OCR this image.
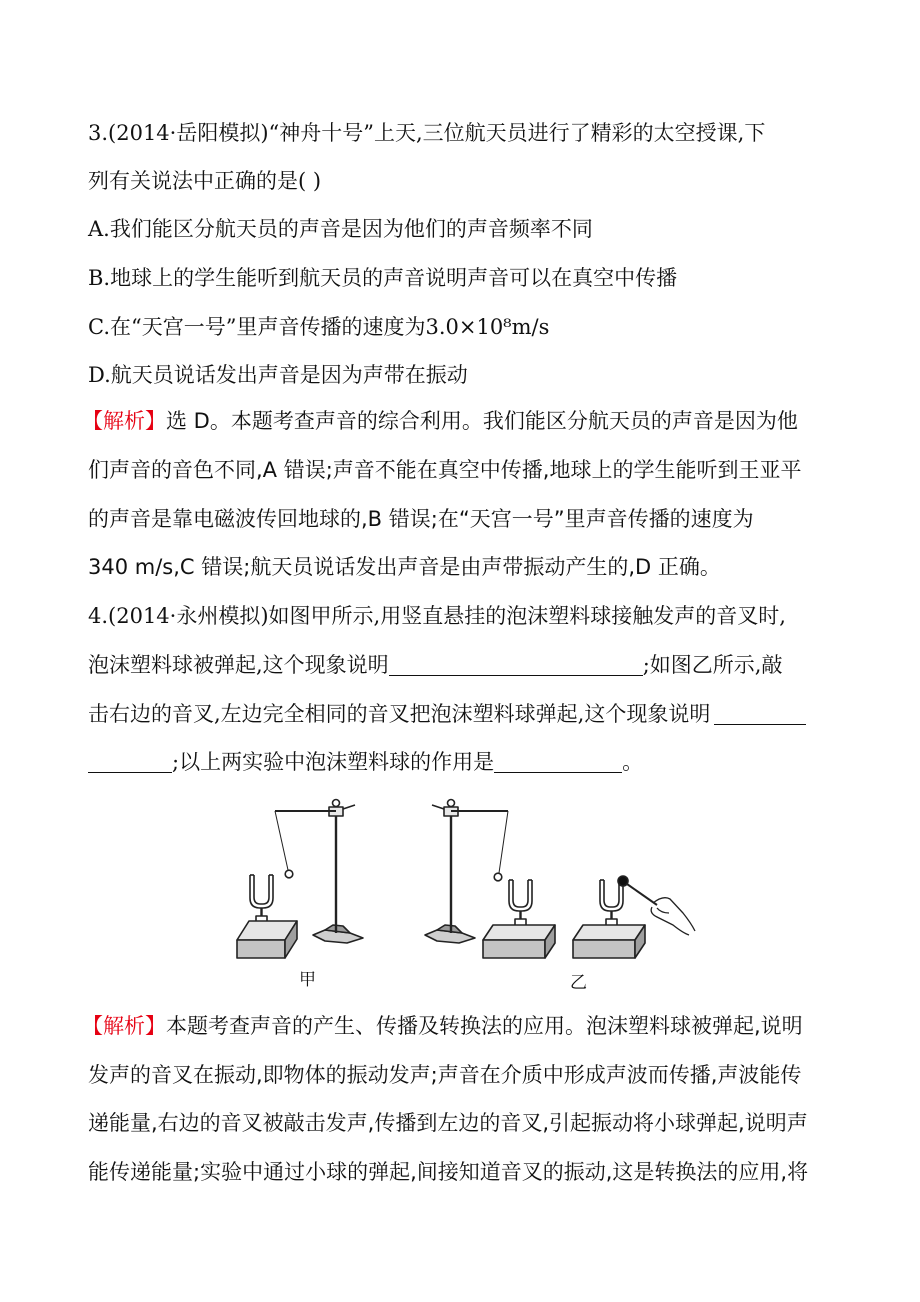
3.(2014·岳阳模拟)“神舟十号”上天,三位航天员进行了精彩的太空授课,下
列有关说法中正确的是( )
A.我们能区分航天员的声音是因为他们的声音频率不同
B.地球上的学生能听到航天员的声音说明声音可以在真空中传播
C.在“天宫一号”里声音传播的速度为3.0×10⁸m/s
D.航天员说话发出声音是因为声带在振动
【解析】选 D。本题考查声音的综合利用。我们能区分航天员的声音是因为他
们声音的音色不同,A 错误;声音不能在真空中传播,地球上的学生能听到王亚平
的声音是靠电磁波传回地球的,B 错误;在“天宫一号”里声音传播的速度为
340 m/s,C 错误;航天员说话发出声音是由声带振动产生的,D 正确。
4.(2014·永州模拟)如图甲所示,用竖直悬挂的泡沫塑料球接触发声的音叉时,
泡沫塑料球被弹起,这个现象说明	;如图乙所示,敲
击右边的音叉,左边完全相同的音叉把泡沫塑料球弹起,这个现象说明
;以上两实验中泡沫塑料球的作用是	。
甲	乙
【解析】本题考查声音的产生、传播及转换法的应用。泡沫塑料球被弹起,说明
发声的音叉在振动,即物体的振动发声;声音在介质中形成声波而传播,声波能传
递能量,右边的音叉被敲击发声,传播到左边的音叉,引起振动将小球弹起,说明声
能传递能量;实验中通过小球的弹起,间接知道音叉的振动,这是转换法的应用,将
